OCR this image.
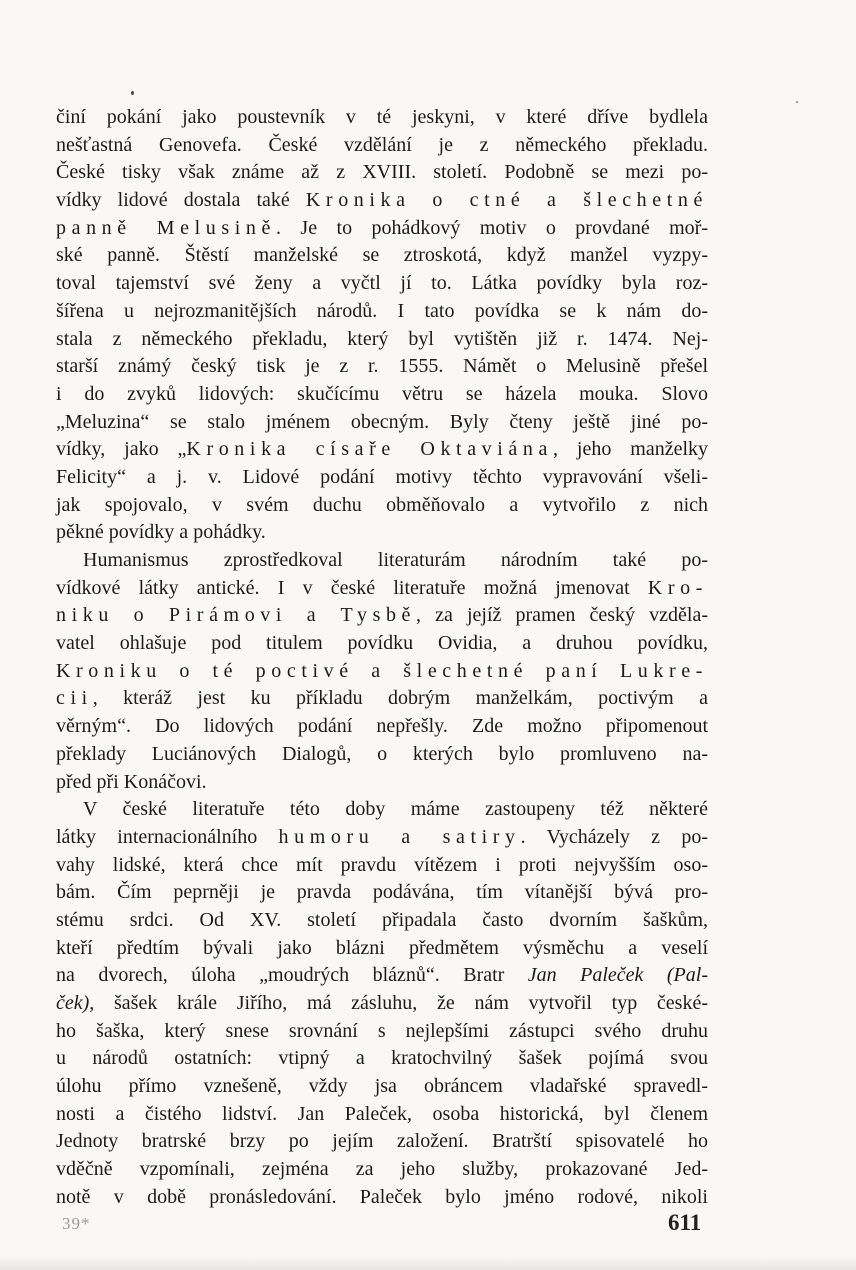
činí pokání jako poustevník v té jeskyni, v které dříve bydlela
nešťastná Genovefa. České vzdělání je z německého překladu.
České tisky však známe až z XVIII. století. Podobně se mezi po-
vídky lidové dostala také Kronika o ctné a šlechetné
panně Melusině. Je to pohádkový motiv o provdané moř-
ské panně. Štěstí manželské se ztroskotá, když manžel vyzpy-
toval tajemství své ženy a vyčtl jí to. Látka povídky byla roz-
šířena u nejrozmanitějších národů. I tato povídka se k nám do-
stala z německého překladu, který byl vytištěn již r. 1474. Nej-
starší známý český tisk je z r. 1555. Námět o Melusině přešel
i do zvyků lidových: skučícímu větru se házela mouka. Slovo
„Meluzina“ se stalo jménem obecným. Byly čteny ještě jiné po-
vídky, jako „Kronika císaře Oktaviána, jeho manželky
Felicity“ a j. v. Lidové podání motivy těchto vypravování všeli-
jak spojovalo, v svém duchu obměňovalo a vytvořilo z nich
pěkné povídky a pohádky.
Humanismus zprostředkoval literaturám národním také po-
vídkové látky antické. I v české literatuře možná jmenovat Kro-
niku o Pirámovi a Tysbě, za jejíž pramen český vzděla-
vatel ohlašuje pod titulem povídku Ovidia, a druhou povídku,
Kroniku o té poctivé a šlechetné paní Lukre-
cii, kteráž jest ku příkladu dobrým manželkám, poctivým a
věrným“. Do lidových podání nepřešly. Zde možno připomenout
překlady Luciánových Dialogů, o kterých bylo promluveno na-
před při Konáčovi.
V české literatuře této doby máme zastoupeny též některé
látky internacionálního humoru a satiry. Vycházely z po-
vahy lidské, která chce mít pravdu vítězem i proti nejvyšším oso-
bám. Čím peprněji je pravda podávána, tím vítanější bývá pro-
stému srdci. Od XV. století připadala často dvorním šaškům,
kteří předtím bývali jako blázni předmětem výsměchu a veselí
na dvorech, úloha „moudrých bláznů“. Bratr Jan Paleček (Pal-
ček), šašek krále Jiřího, má zásluhu, že nám vytvořil typ české-
ho šaška, který snese srovnání s nejlepšími zástupci svého druhu
u národů ostatních: vtipný a kratochvilný šašek pojímá svou
úlohu přímo vznešeně, vždy jsa obráncem vladařské spravedl-
nosti a čistého lidství. Jan Paleček, osoba historická, byl členem
Jednoty bratrské brzy po jejím založení. Bratrští spisovatelé ho
vděčně vzpomínali, zejména za jeho služby, prokazované Jed-
notě v době pronásledování. Paleček bylo jméno rodové, nikoli
39*	611
